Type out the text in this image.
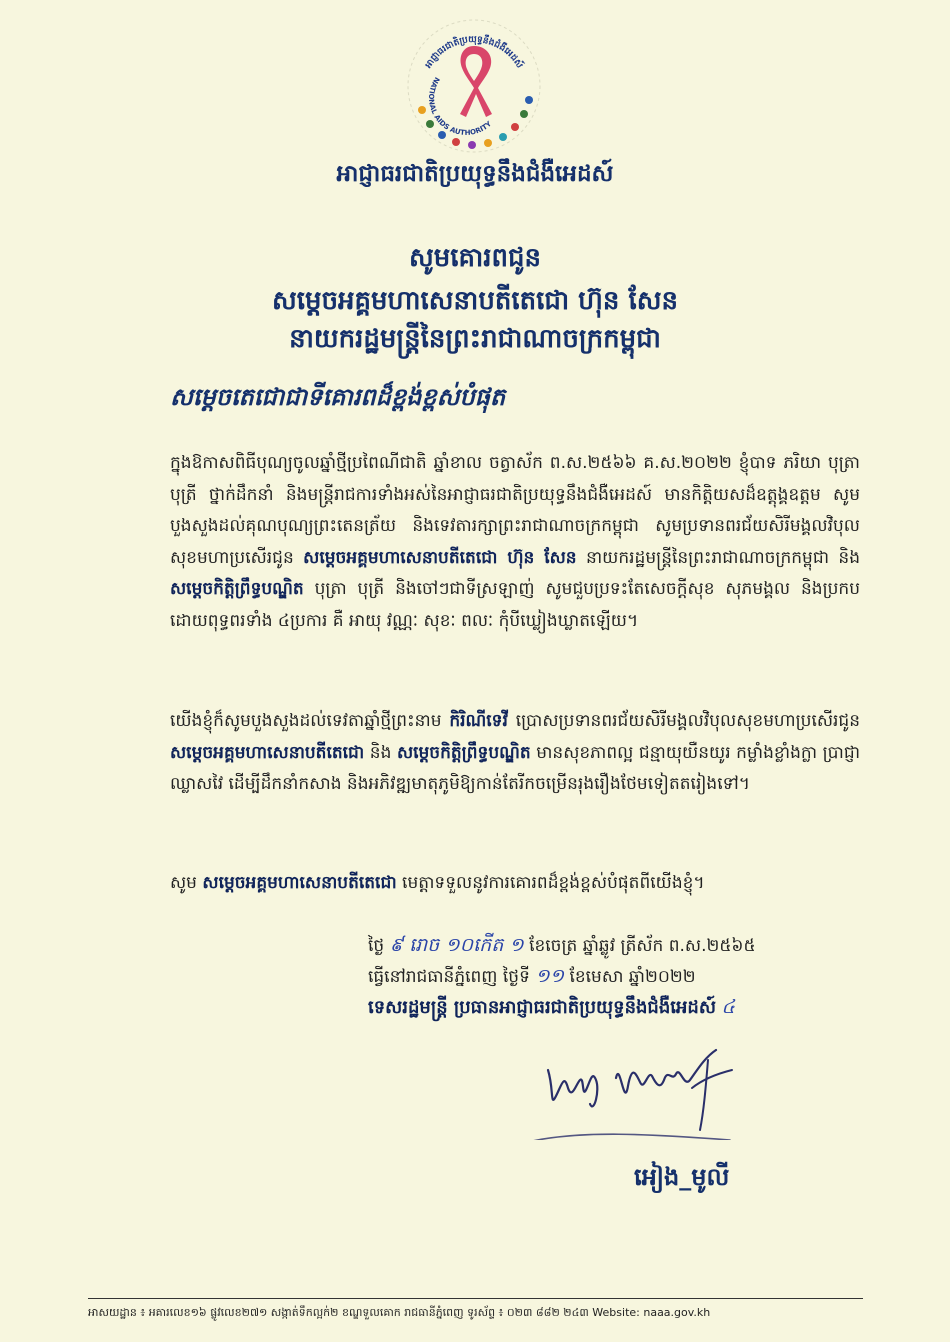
អាជ្ញាធរជាតិប្រយុទ្ធនឹងជំងឺអេដស៍
NATIONAL AIDS AUTHORITY
អាជ្ញាធរជាតិប្រយុទ្ធនឹងជំងឺអេដស៍
សូមគោរពជូន
សម្តេចអគ្គមហាសេនាបតីតេជោ ហ៊ុន សែន
នាយករដ្ឋមន្ត្រីនៃព្រះរាជាណាចក្រកម្ពុជា
សម្តេចតេជោជាទីគោរពដ៏ខ្ពង់ខ្ពស់បំផុត
ក្នុងឱកាសពិធីបុណ្យចូលឆ្នាំថ្មីប្រពៃណីជាតិ ឆ្នាំខាល ចត្វាស័ក ព.ស.២៥៦៦ គ.ស.២០២២ ខ្ញុំបាទ ភរិយា បុត្រា បុត្រី ថ្នាក់ដឹកនាំ និងមន្ត្រីរាជការទាំងអស់នៃអាជ្ញាធរជាតិប្រយុទ្ធនឹងជំងឺអេដស៍ មានកិត្តិយសដ៏ឧត្តុង្គឧត្តម សូមបួងសួងដល់គុណបុណ្យព្រះតេនត្រ័យ និងទេវតារក្សាព្រះរាជាណាចក្រកម្ពុជា សូមប្រទានពរជ័យសិរីមង្គលវិបុលសុខមហាប្រសើរជូន សម្តេចអគ្គមហាសេនាបតីតេជោ ហ៊ុន សែន នាយករដ្ឋមន្ត្រីនៃព្រះរាជាណាចក្រកម្ពុជា និង សម្តេចកិត្តិព្រឹទ្ធបណ្ឌិត បុត្រា បុត្រី និងចៅៗជាទីស្រឡាញ់ សូមជួបប្រទះតែសេចក្តីសុខ សុភមង្គល និងប្រកបដោយពុទ្ធពរទាំង ៤ប្រការ គឺ អាយុ វណ្ណៈ សុខៈ ពលៈ កុំបីឃ្លៀងឃ្លាតឡើយ។
យើងខ្ញុំក៏សូមបួងសួងដល់ទេវតាឆ្នាំថ្មីព្រះនាម កិរិណីទេវី ប្រោសប្រទានពរជ័យសិរីមង្គលវិបុលសុខមហាប្រសើរជូន សម្តេចអគ្គមហាសេនាបតីតេជោ និង សម្តេចកិត្តិព្រឹទ្ធបណ្ឌិត មានសុខភាពល្អ ជន្មាយុយឺនយូរ កម្លាំងខ្លាំងក្លា ប្រាជ្ញាឈ្លាសវៃ ដើម្បីដឹកនាំកសាង និងអភិវឌ្ឍមាតុភូមិឱ្យកាន់តែរីកចម្រើនរុងរឿងថែមទៀតតរៀងទៅ។
សូម សម្តេចអគ្គមហាសេនាបតីតេជោ មេត្តាទទួលនូវការគោរពដ៏ខ្ពង់ខ្ពស់បំផុតពីយើងខ្ញុំ។
ថ្ងៃ ៩ រោច ១០កើត ១ ខែចេត្រ ឆ្នាំឆ្លូវ ត្រីស័ក ព.ស.២៥៦៥
ធ្វើនៅរាជធានីភ្នំពេញ ថ្ងៃទី ១១ ខែមេសា ឆ្នាំ២០២២
ទេសរដ្ឋមន្ត្រី ប្រធានអាជ្ញាធរជាតិប្រយុទ្ធនឹងជំងឺអេដស៍ ៤
អៀង_មូលី
អាសយដ្ឋាន ៖ អគារលេខ១៦ ផ្លូវលេខ២៧១ សង្កាត់ទឹកល្អក់២ ខណ្ឌទួលគោក រាជធានីភ្នំពេញ ទូរស័ព្ទ ៖ ០២៣ ៨៨២ ២៤៣ Website: naaa.gov.kh
